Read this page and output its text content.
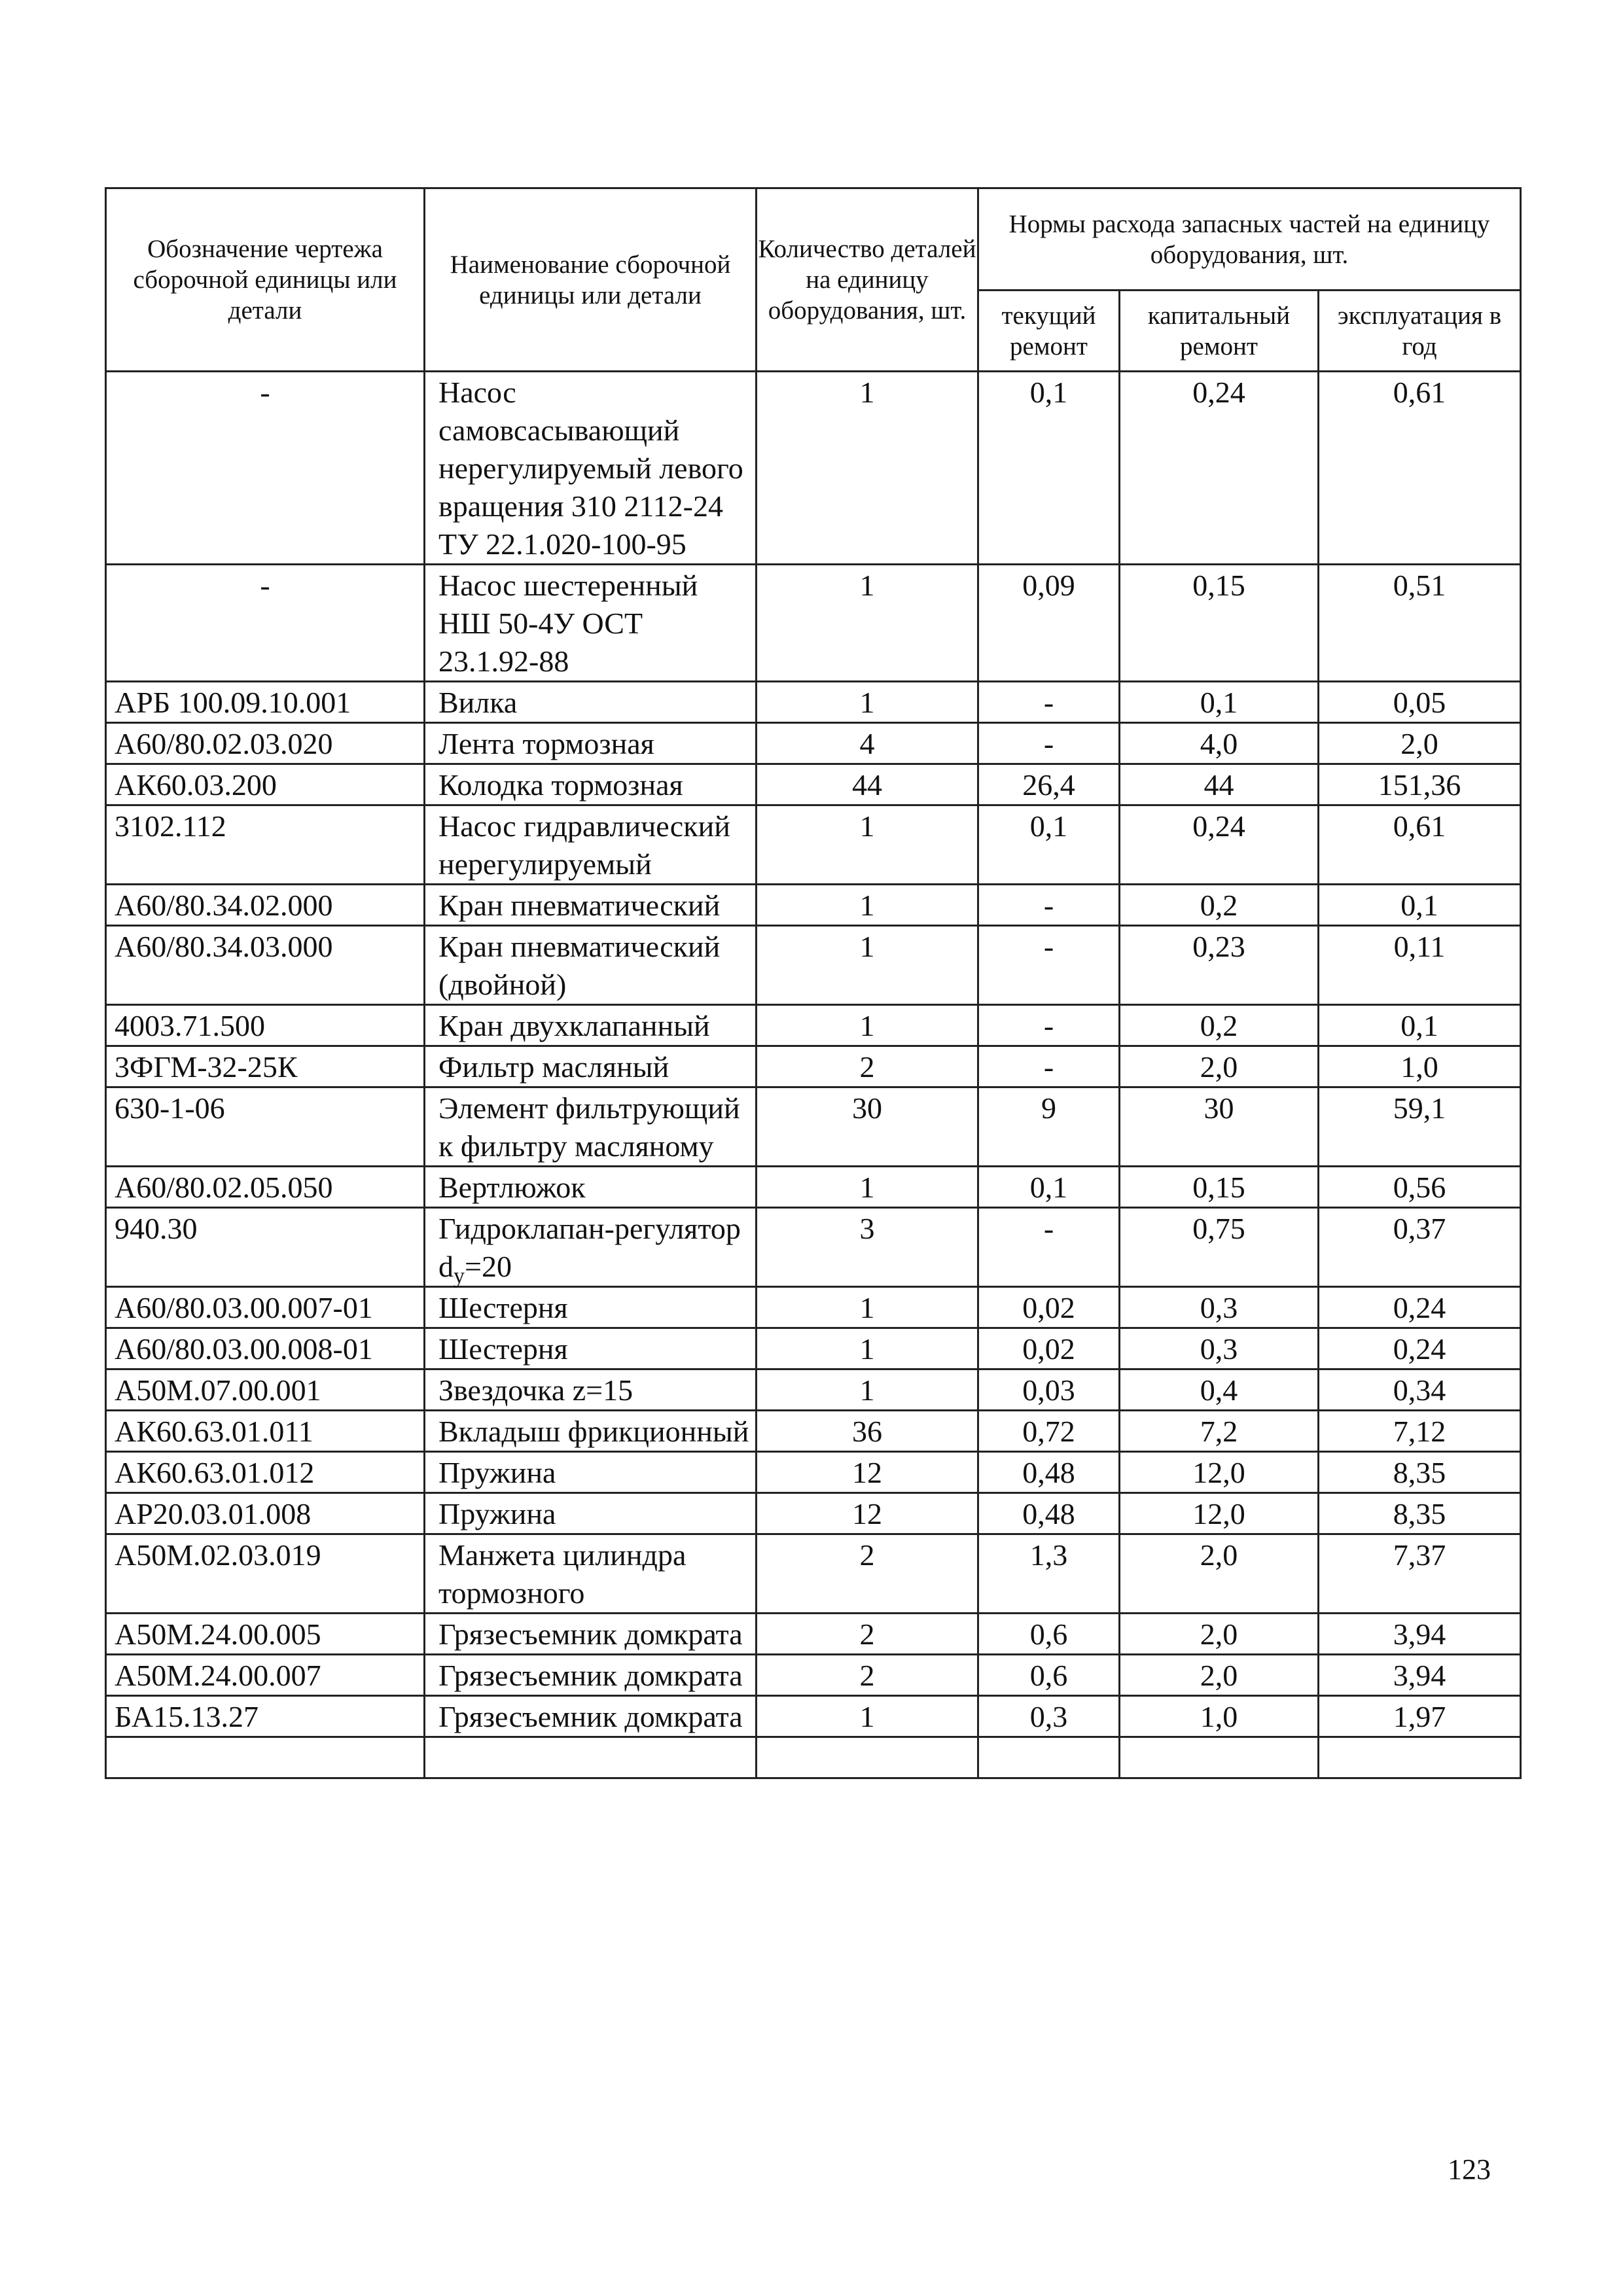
Обозначение чертежа сборочной единицы или детали	Наименование сборочной единицы или детали	Количество деталей на единицу оборудования, шт.	Нормы расхода запасных частей на единицу оборудования, шт.		
			текущий ремонт	капитальный ремонт	эксплуатация в год
-	Насос самовсасывающий нерегулируемый левого вращения 310 2112-24 ТУ 22.1.020-100-95	1	0,1	0,24	0,61
-	Насос шестеренный НШ 50-4У ОСТ 23.1.92-88	1	0,09	0,15	0,51
АРБ 100.09.10.001	Вилка	1	-	0,1	0,05
А60/80.02.03.020	Лента тормозная	4	-	4,0	2,0
АК60.03.200	Колодка тормозная	44	26,4	44	151,36
3102.112	Насос гидравлический нерегулируемый	1	0,1	0,24	0,61
А60/80.34.02.000	Кран пневматический	1	-	0,2	0,1
А60/80.34.03.000	Кран пневматический (двойной)	1	-	0,23	0,11
4003.71.500	Кран двухклапанный	1	-	0,2	0,1
3ФГМ-32-25К	Фильтр масляный	2	-	2,0	1,0
630-1-06	Элемент фильтрующий к фильтру масляному	30	9	30	59,1
А60/80.02.05.050	Вертлюжок	1	0,1	0,15	0,56
940.30	Гидроклапан-регулятор $d_у=20$	3	-	0,75	0,37
А60/80.03.00.007-01	Шестерня	1	0,02	0,3	0,24
А60/80.03.00.008-01	Шестерня	1	0,02	0,3	0,24
А50М.07.00.001	Звездочка z=15	1	0,03	0,4	0,34
АК60.63.01.011	Вкладыш фрикционный	36	0,72	7,2	7,12
АК60.63.01.012	Пружина	12	0,48	12,0	8,35
АР20.03.01.008	Пружина	12	0,48	12,0	8,35
А50М.02.03.019	Манжета цилиндра тормозного	2	1,3	2,0	7,37
А50М.24.00.005	Грязесъемник домкрата	2	0,6	2,0	3,94
А50М.24.00.007	Грязесъемник домкрата	2	0,6	2,0	3,94
БА15.13.27	Грязесъемник домкрата	1	0,3	1,0	1,97

123
